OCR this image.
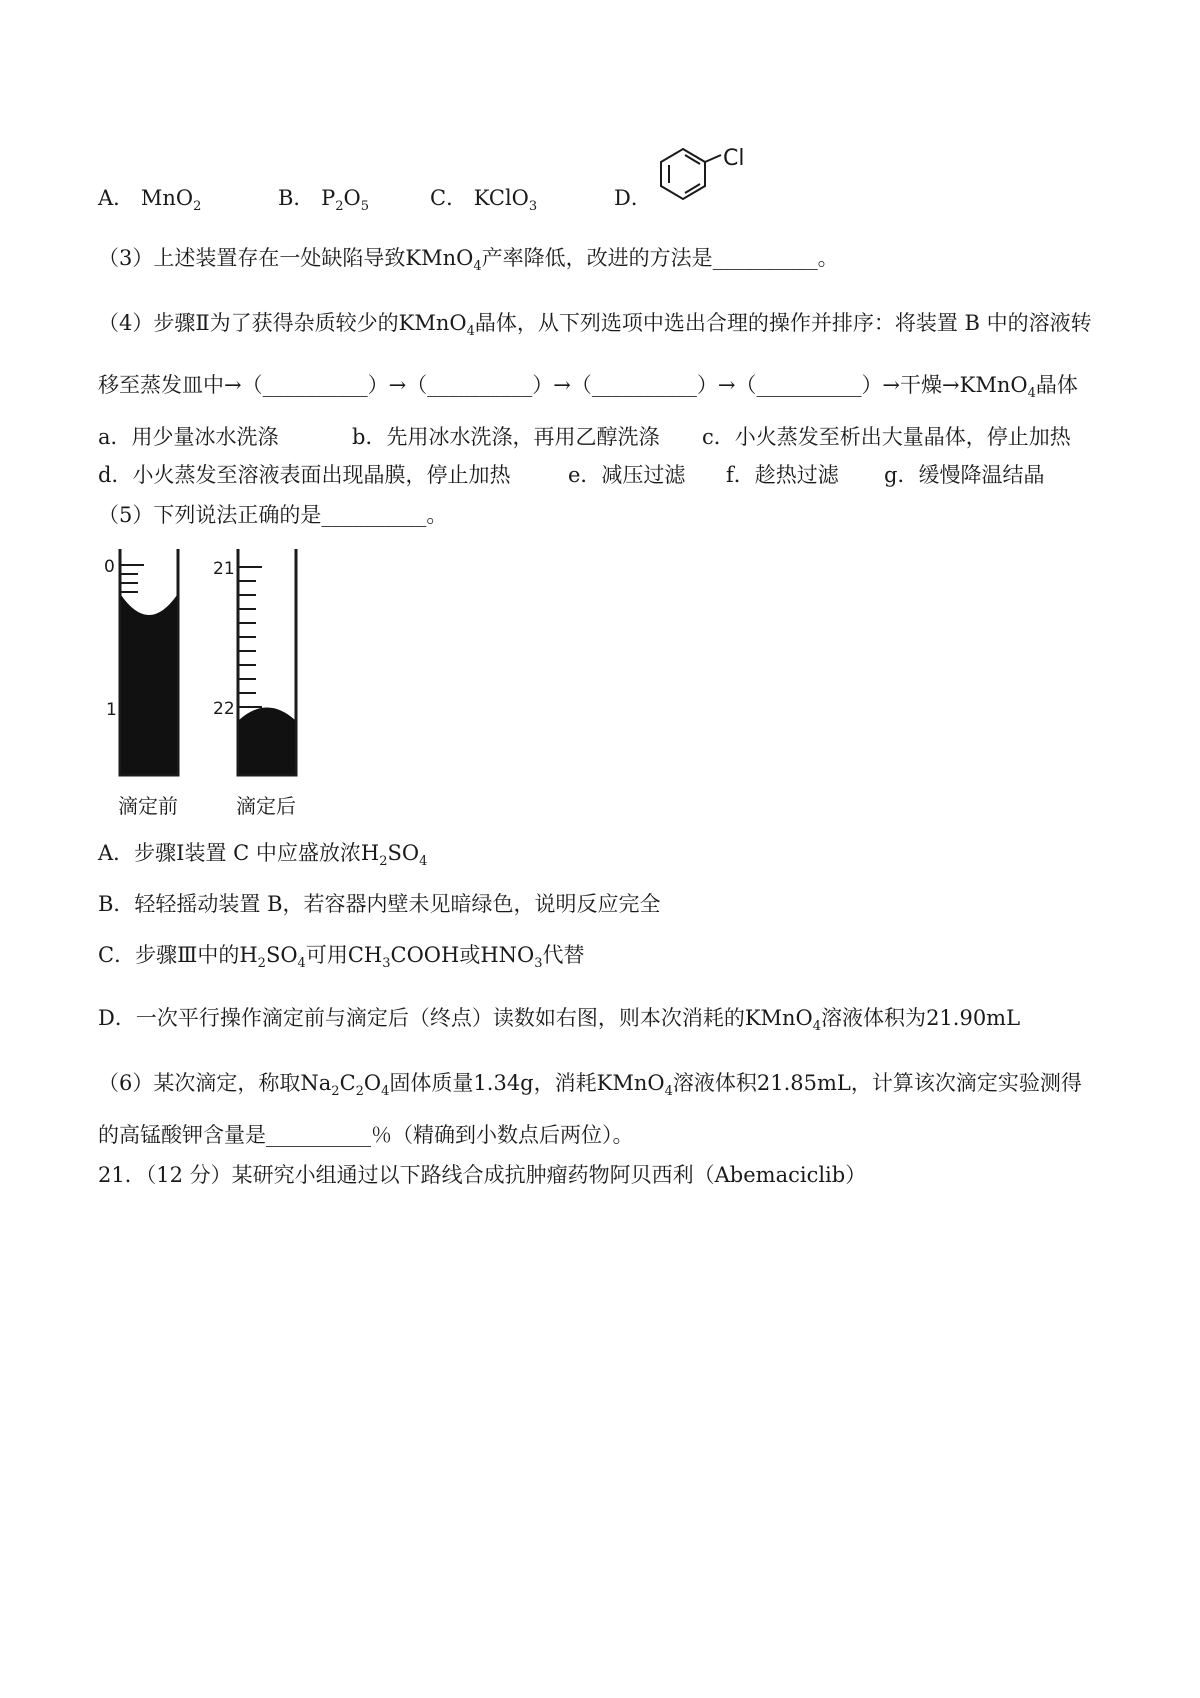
A． MnO$_2$	B． $P_2O_5$	C． KClO$_3$	D．
Cl
（3）上述装置存在一处缺陷导致KMnO$_4$产率降低，改进的方法是__________。
（4）步骤Ⅱ为了获得杂质较少的KMnO$_4$晶体，从下列选项中选出合理的操作并排序：将装置 B 中的溶液转
移至蒸发皿中→（__________）→（__________）→（__________）→（__________）→干燥→KMnO$_4$晶体
a．用少量冰水洗涤	b．先用冰水洗涤，再用乙醇洗涤 c．小火蒸发至析出大量晶体，停止加热
d．小火蒸发至溶液表面出现晶膜，停止加热	e．减压过滤 f．趁热过滤 g．缓慢降温结晶
（5）下列说法正确的是__________。
0
1
21
22
滴定前	滴定后
A．步骤Ⅰ装置 C 中应盛放浓$H_2SO_4$
B．轻轻摇动装置 B，若容器内壁未见暗绿色，说明反应完全
C．步骤Ⅲ中的$H_2SO_4$可用$CH_3COOH$或$HNO_3$代替
D．一次平行操作滴定前与滴定后（终点）读数如右图，则本次消耗的KMnO$_4$溶液体积为21.90mL
（6）某次滴定，称取$Na_2C_2O_4$固体质量1.34g，消耗KMnO$_4$溶液体积21.85mL，计算该次滴定实验测得
的高锰酸钾含量是__________％（精确到小数点后两位）。
21．（12 分）某研究小组通过以下路线合成抗肿瘤药物阿贝西利（Abemaciclib）
